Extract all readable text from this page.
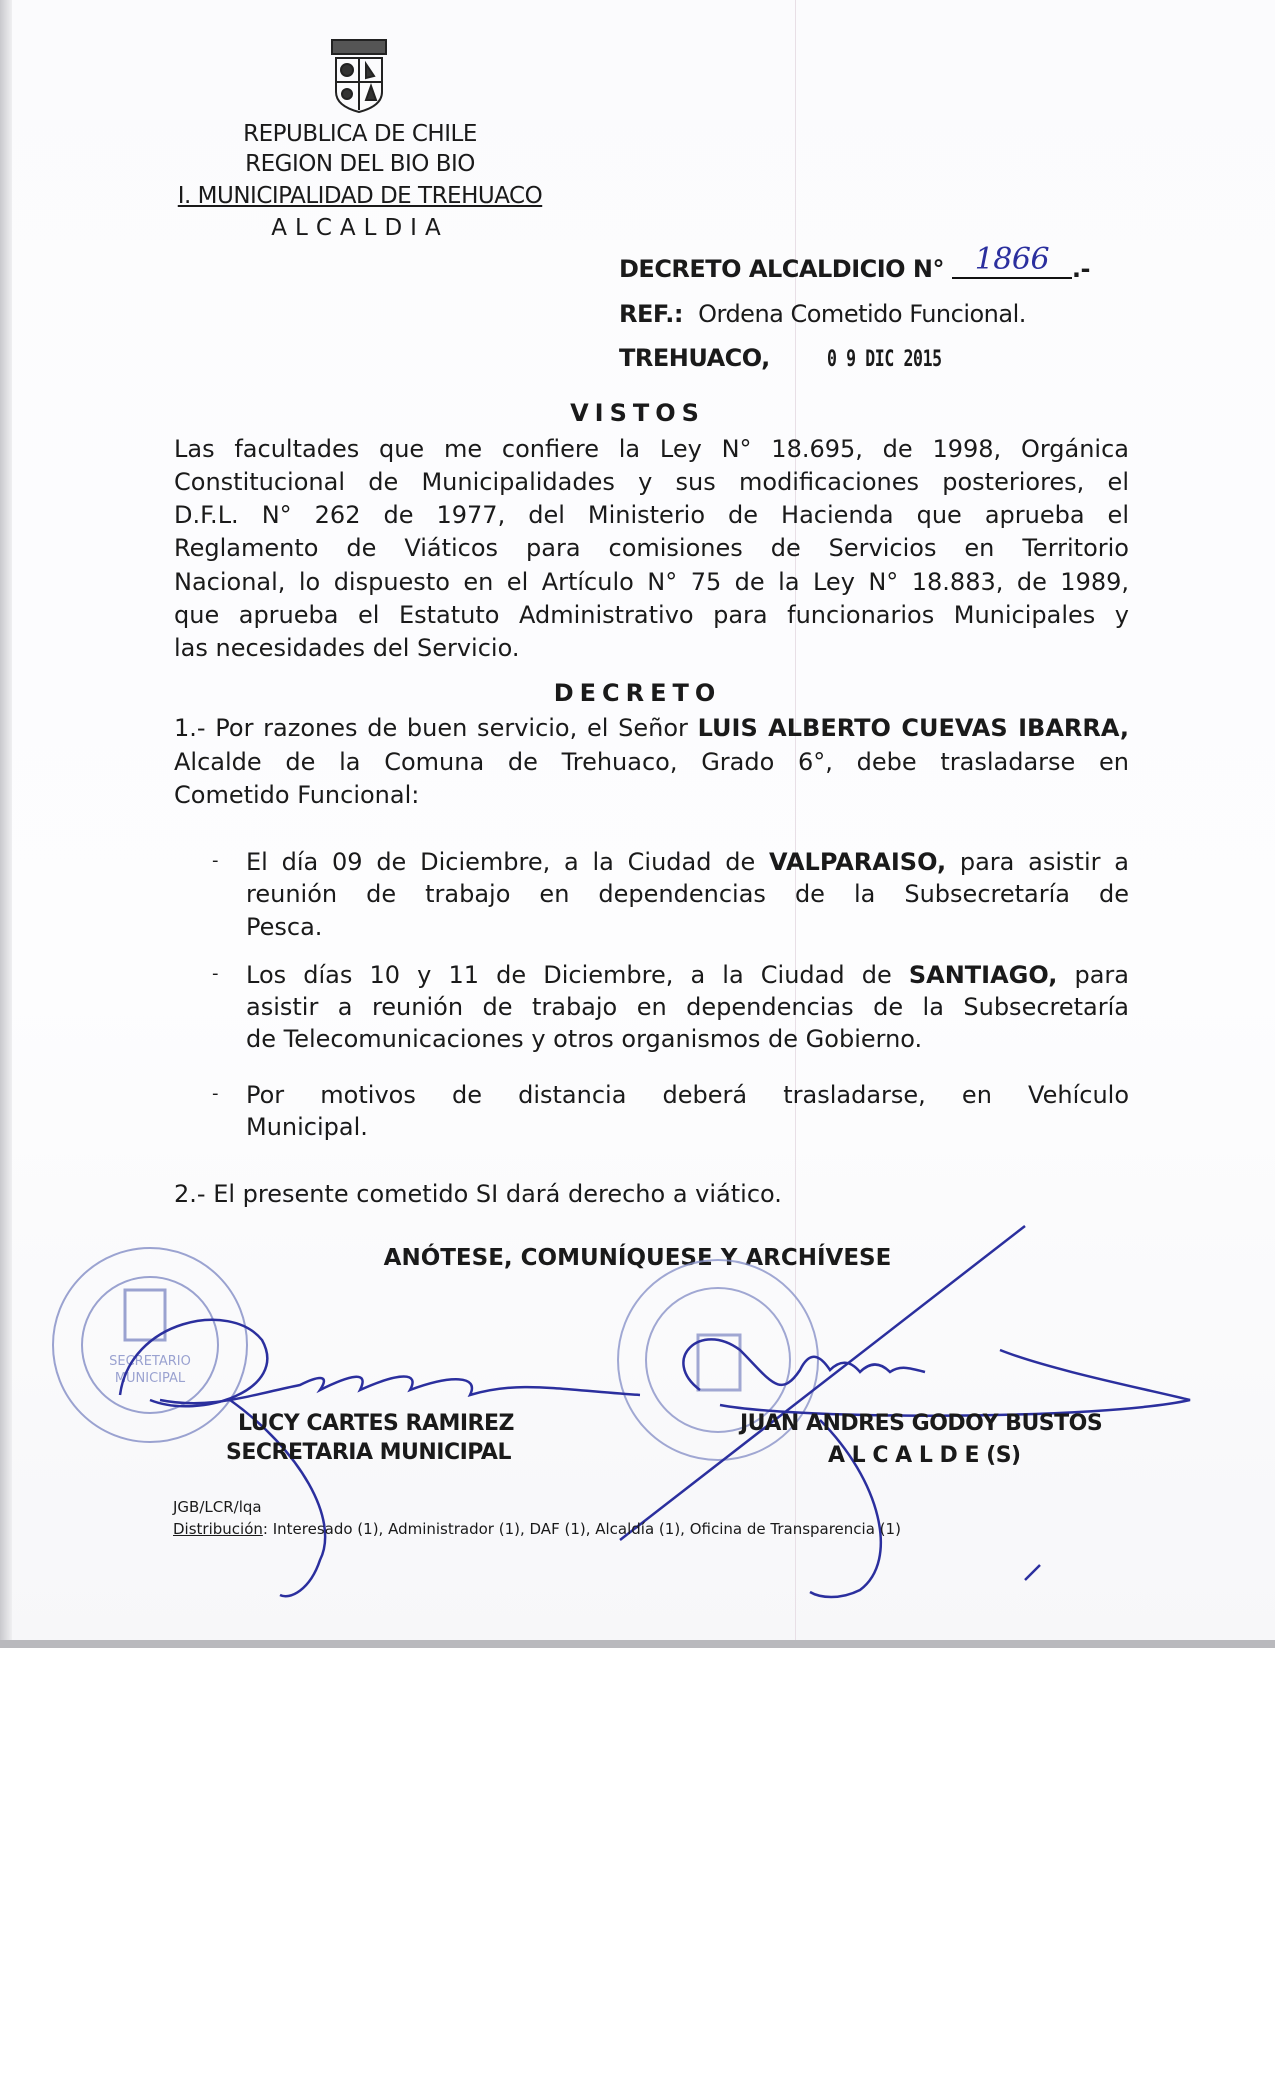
REPUBLICA DE CHILE
REGION DEL BIO BIO
I. MUNICIPALIDAD DE TREHUACO
ALCALDIA
DECRETO ALCALDICIO N° 1866 .-
REF.: Ordena Cometido Funcional.
TREHUACO,	0 9 DIC 2015
VISTOS
Las facultades que me confiere la Ley N° 18.695, de 1998, Orgánica
Constitucional de Municipalidades y sus modificaciones posteriores, el
D.F.L. N° 262 de 1977, del Ministerio de Hacienda que aprueba el
Reglamento de Viáticos para comisiones de Servicios en Territorio
Nacional, lo dispuesto en el Artículo N° 75 de la Ley N° 18.883, de 1989,
que aprueba el Estatuto Administrativo para funcionarios Municipales y
las necesidades del Servicio.
DECRETO
1.- Por razones de buen servicio, el Señor LUIS ALBERTO CUEVAS IBARRA,
Alcalde de la Comuna de Trehuaco, Grado 6°, debe trasladarse en
Cometido Funcional:
- El día 09 de Diciembre, a la Ciudad de VALPARAISO, para asistir a
reunión de trabajo en dependencias de la Subsecretaría de
Pesca.
- Los días 10 y 11 de Diciembre, a la Ciudad de SANTIAGO, para
asistir a reunión de trabajo en dependencias de la Subsecretaría
de Telecomunicaciones y otros organismos de Gobierno.
- Por motivos de distancia deberá trasladarse, en Vehículo
Municipal.
2.- El presente cometido SI dará derecho a viático.
ANÓTESE, COMUNÍQUESE Y ARCHÍVESE
SECRETARIO
MUNICIPAL
LUCY CARTES RAMIREZ
SECRETARIA MUNICIPAL
JUAN ANDRES GODOY BUSTOS
A L C A L D E (S)
JGB/LCR/lqa
Distribución: Interesado (1), Administrador (1), DAF (1), Alcaldía (1), Oficina de Transparencia (1)
